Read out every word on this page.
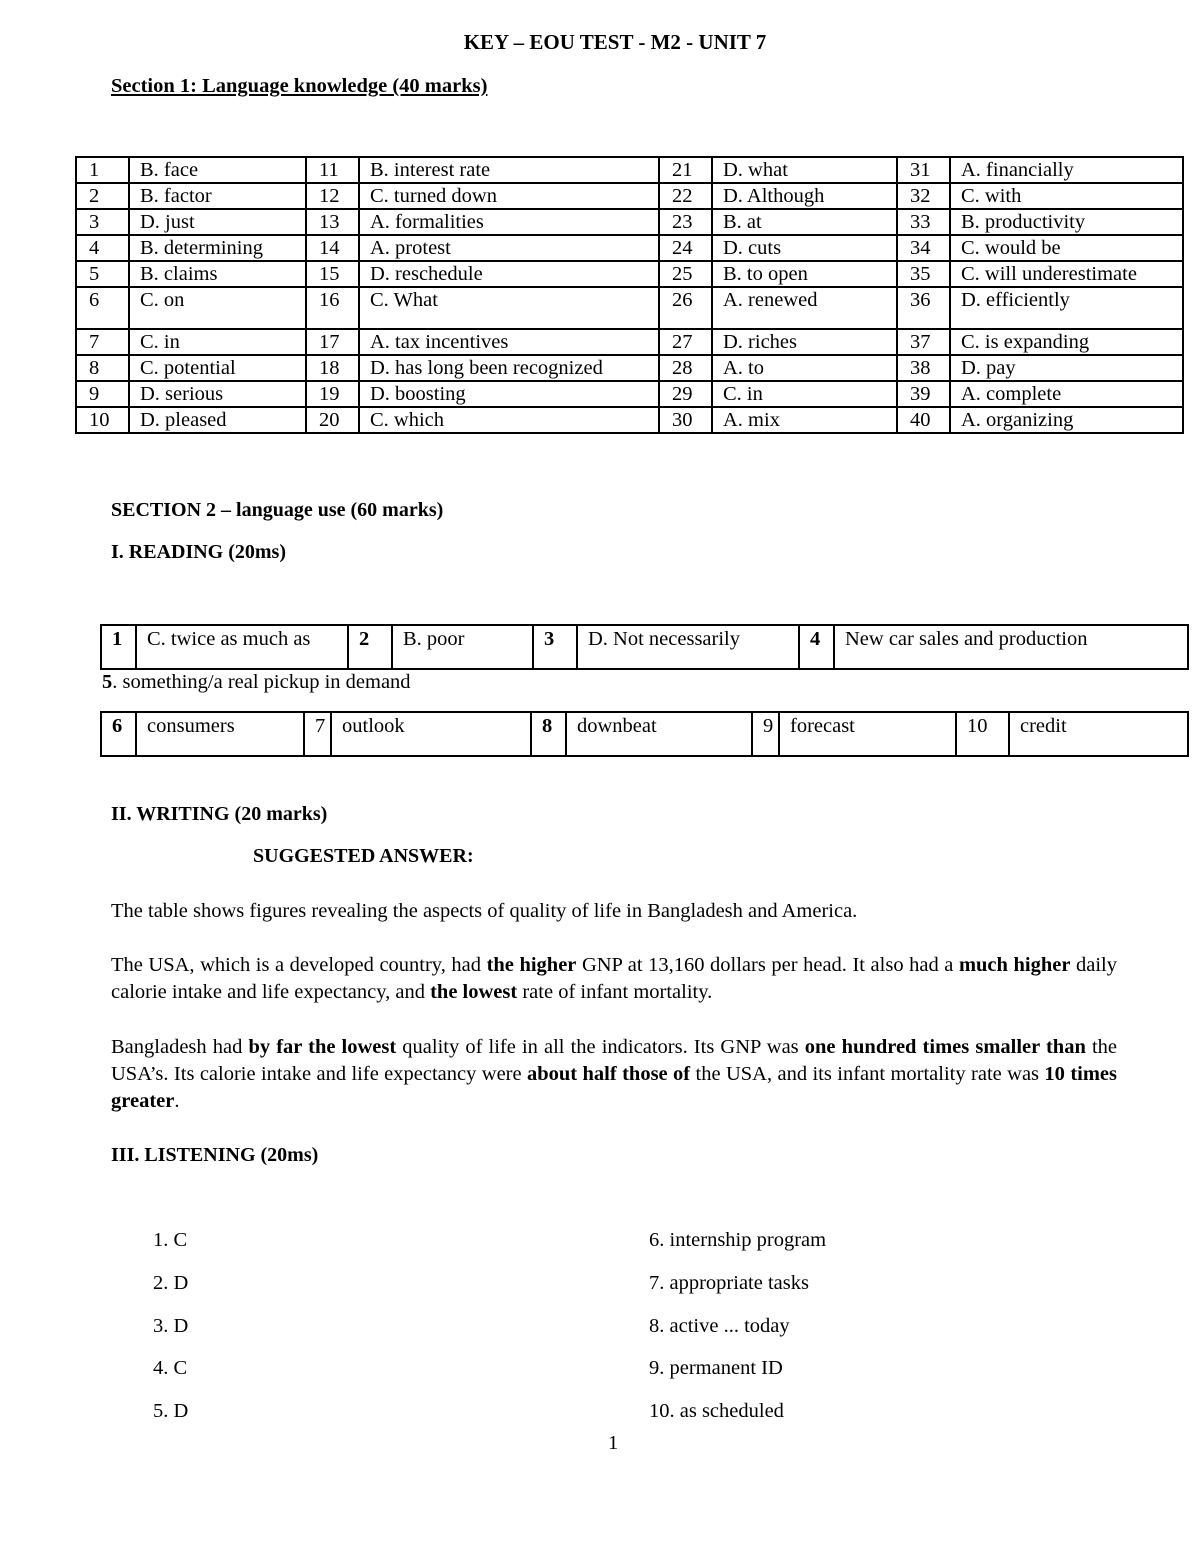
KEY – EOU TEST - M2 - UNIT 7
Section 1: Language knowledge (40 marks)
1	B. face	11	B. interest rate	21	D. what	31	A. financially
2	B. factor	12	C. turned down	22	D. Although	32	C. with
3	D. just	13	A. formalities	23	B. at	33	B. productivity
4	B. determining	14	A. protest	24	D. cuts	34	C. would be
5	B. claims	15	D. reschedule	25	B. to open	35	C. will underestimate
6	C. on	16	C. What	26	A. renewed	36	D. efficiently
7	C. in	17	A. tax incentives	27	D. riches	37	C. is expanding
8	C. potential	18	D. has long been recognized	28	A. to	38	D. pay
9	D. serious	19	D. boosting	29	C. in	39	A. complete
10	D. pleased	20	C. which	30	A. mix	40	A. organizing
SECTION 2 – language use (60 marks)
I. READING (20ms)
1	C. twice as much as	2	B. poor	3	D. Not necessarily	4	New car sales and production
5. something/a real pickup in demand
6	consumers	7	outlook	8	downbeat	9	forecast	10	credit
II. WRITING (20 marks)
SUGGESTED ANSWER:
The table shows figures revealing the aspects of quality of life in Bangladesh and America.
The USA, which is a developed country, had the higher GNP at 13,160 dollars per head. It also had a much higher daily calorie intake and life expectancy, and the lowest rate of infant mortality.
Bangladesh had by far the lowest quality of life in all the indicators. Its GNP was one hundred times smaller than the USA’s. Its calorie intake and life expectancy were about half those of the USA, and its infant mortality rate was 10 times greater.
III. LISTENING (20ms)
1. C
2. D
3. D
4. C
5. D
6. internship program
7. appropriate tasks
8. active ... today
9. permanent ID
10. as scheduled
1
